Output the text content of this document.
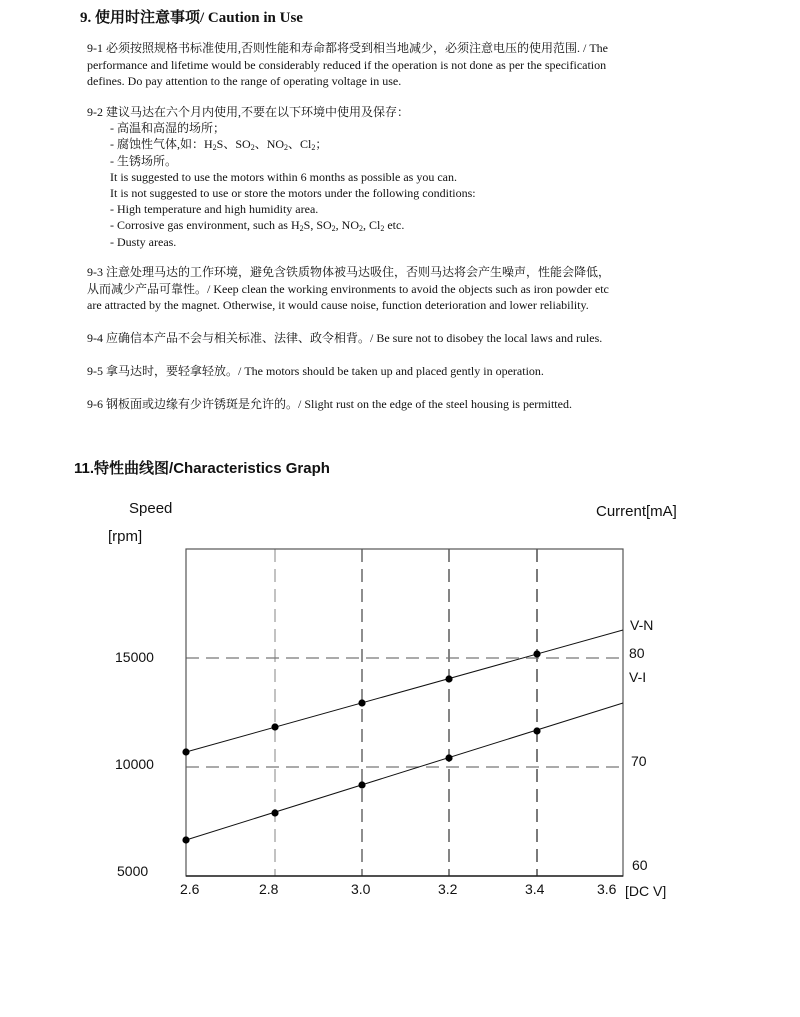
9. 使用时注意事项/ Caution in Use
9-1 必须按照规格书标准使用,否则性能和寿命都将受到相当地减少，必须注意电压的使用范围. / The
performance and lifetime would be considerably reduced if the operation is not done as per the specification
defines. Do pay attention to the range of operating voltage in use.
9-2 建议马达在六个月内使用,不要在以下环境中使用及保存：
- 高温和高湿的场所；
- 腐蚀性气体,如：$H_2S$、$SO_2$、$NO_2$、$Cl_2$；
- 生锈场所。
It is suggested to use the motors within 6 months as possible as you can.
It is not suggested to use or store the motors under the following conditions:
- High temperature and high humidity area.
- Corrosive gas environment, such as $H_2S$, $SO_2$, $NO_2$, $Cl_2$ etc.
- Dusty areas.
9-3 注意处理马达的工作环境，避免含铁质物体被马达吸住，否则马达将会产生噪声，性能会降低，
从而减少产品可靠性。/ Keep clean the working environments to avoid the objects such as iron powder etc
are attracted by the magnet. Otherwise, it would cause noise, function deterioration and lower reliability.
9-4 应确信本产品不会与相关标准、法律、政令相背。/ Be sure not to disobey the local laws and rules.
9-5 拿马达时，要轻拿轻放。/ The motors should be taken up and placed gently in operation.
9-6 钢板面或边缘有少许锈斑是允许的。/ Slight rust on the edge of the steel housing is permitted.
11.特性曲线图/Characteristics Graph
Speed
[rpm]
Current[mA]
15000
10000
5000
V-N
80
V-I
70
60
2.6	2.8	3.0	3.2	3.4	3.6 [DC V]
